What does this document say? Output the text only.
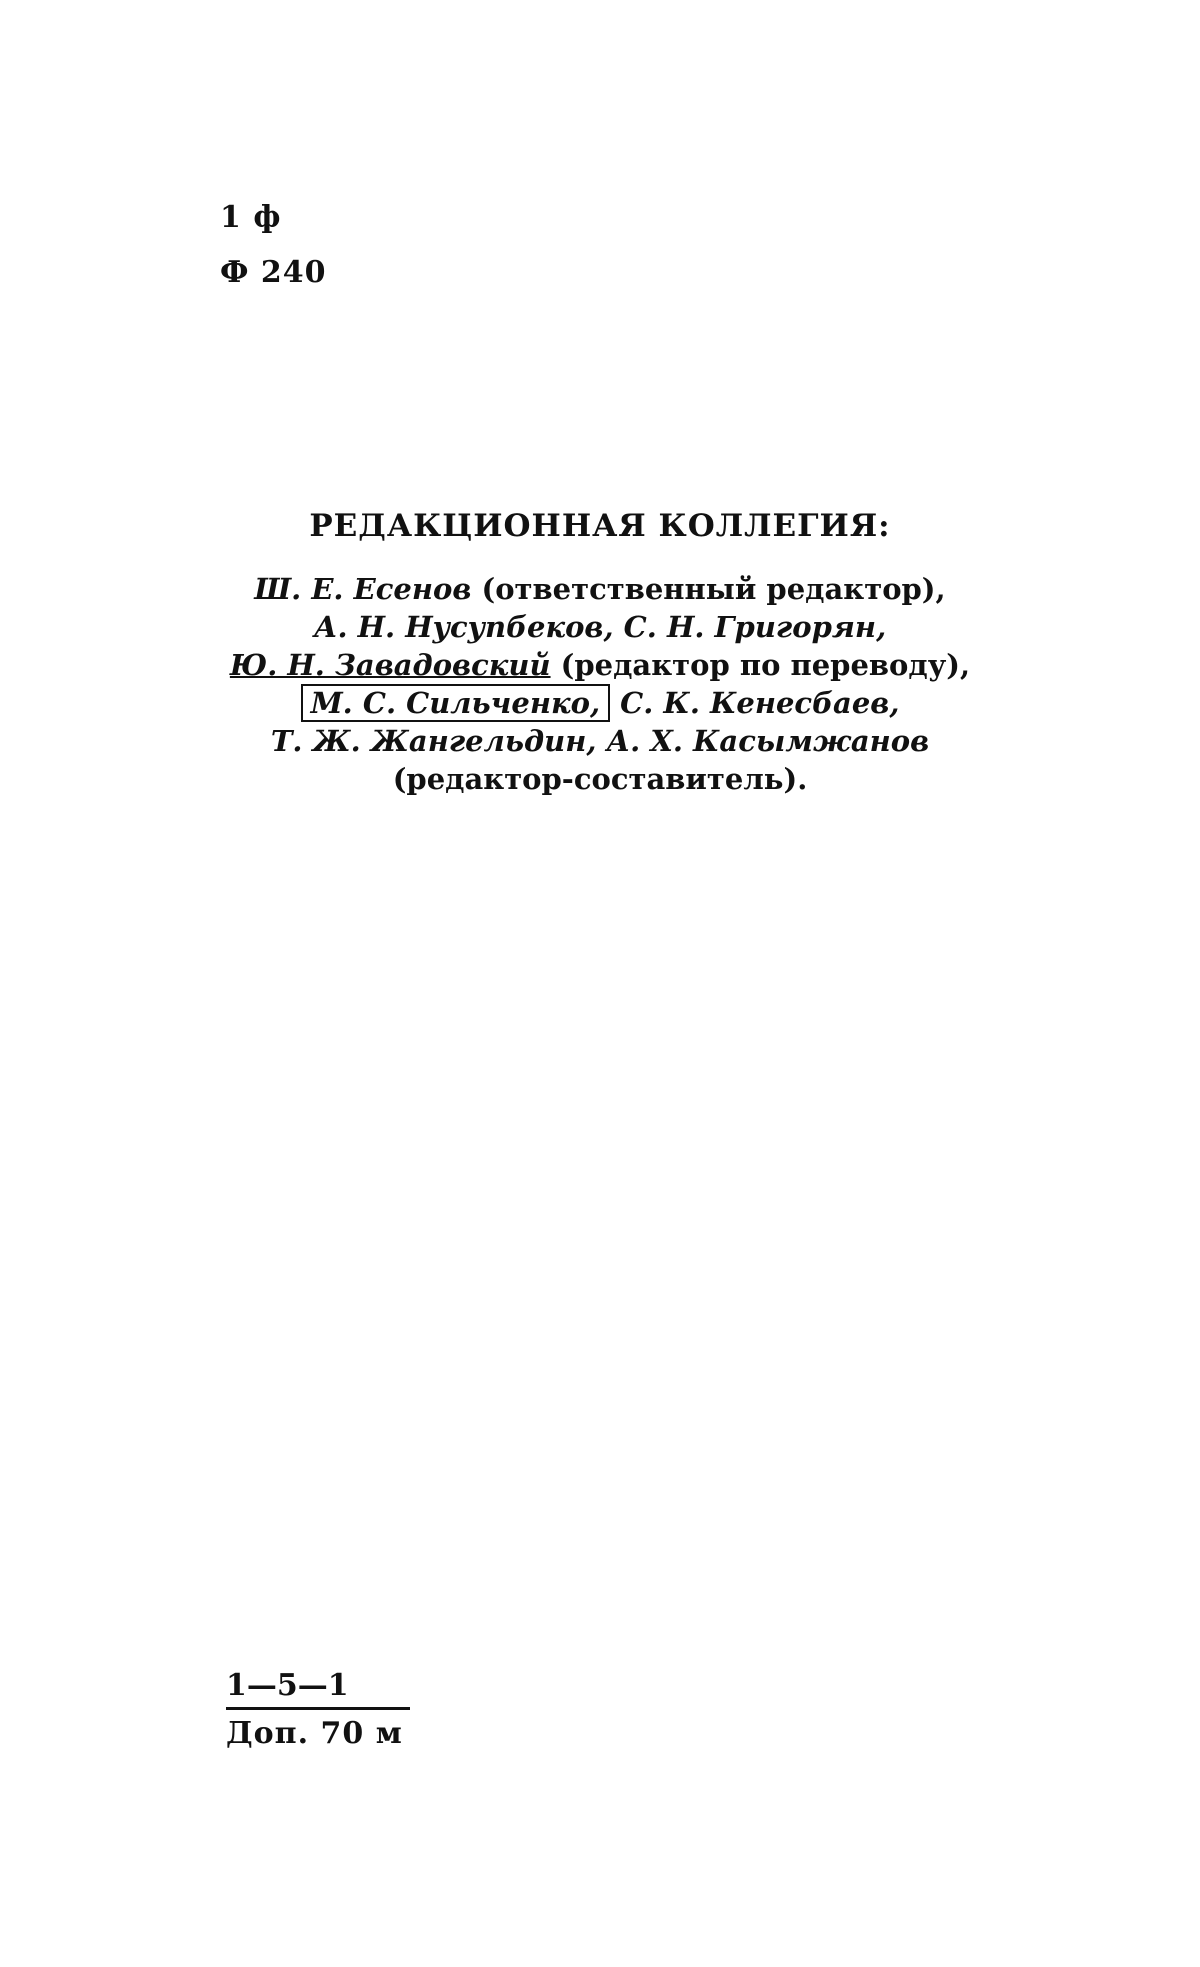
1 ф
Ф 240
РЕДАКЦИОННАЯ КОЛЛЕГИЯ:
Ш. Е. Есенов (ответственный редактор),
А. Н. Нусупбеков, С. Н. Григорян,
Ю. Н. Завадовский (редактор по переводу),
М. С. Сильченко, С. К. Кенесбаев,
Т. Ж. Жангельдин, А. Х. Касымжанов
(редактор-составитель).
1—5—1
Доп. 70 м
